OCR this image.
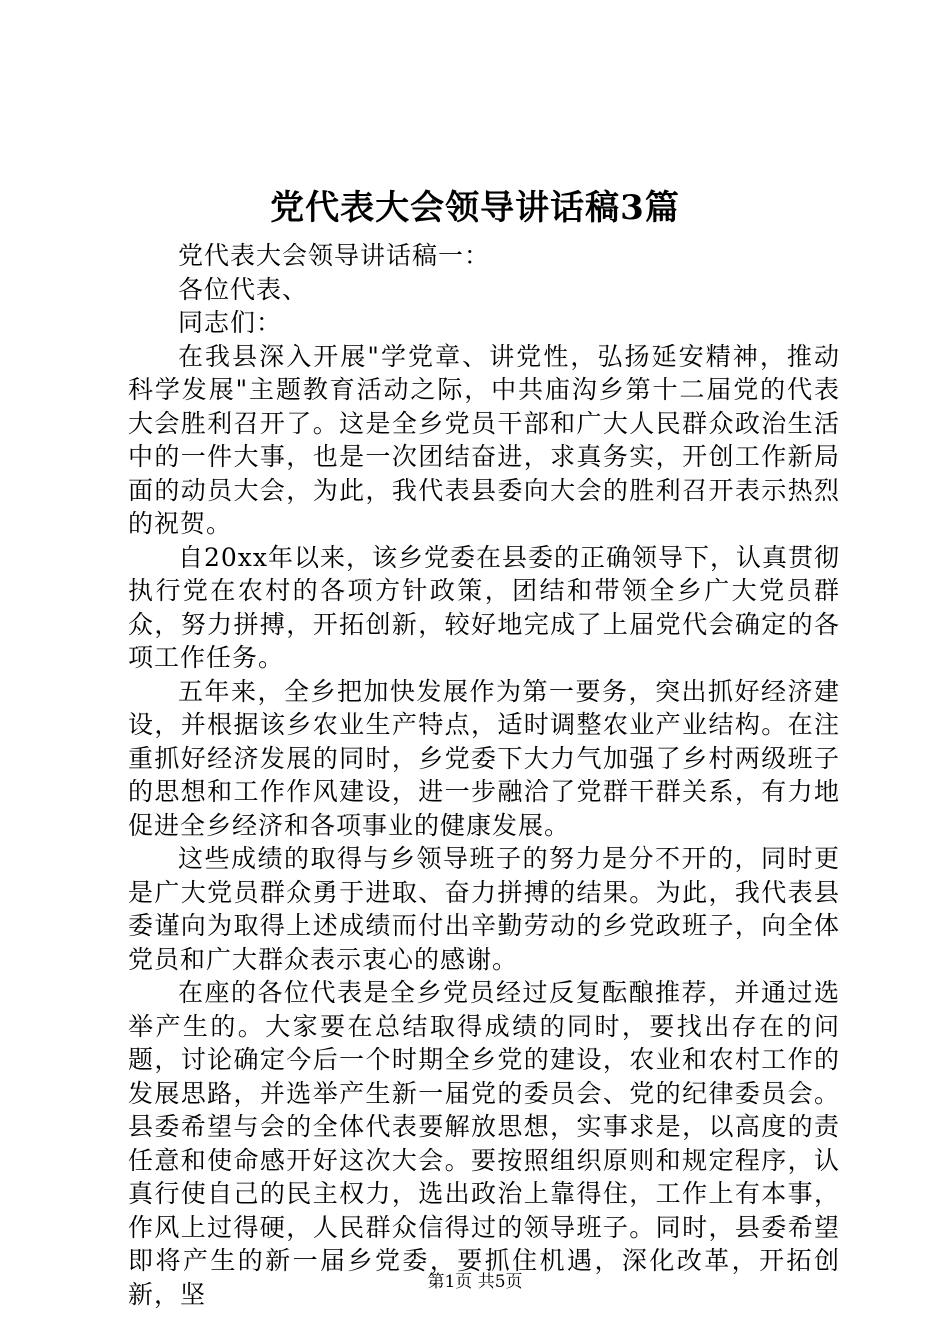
党代表大会领导讲话稿3篇

党代表大会领导讲话稿一：

各位代表、

同志们：

在我县深入开展"学党章、讲党性，弘扬延安精神，推动科学发展"主题教育活动之际，中共庙沟乡第十二届党的代表大会胜利召开了。这是全乡党员干部和广大人民群众政治生活中的一件大事，也是一次团结奋进，求真务实，开创工作新局面的动员大会，为此，我代表县委向大会的胜利召开表示热烈的祝贺。

自20xx年以来，该乡党委在县委的正确领导下，认真贯彻执行党在农村的各项方针政策，团结和带领全乡广大党员群众，努力拼搏，开拓创新，较好地完成了上届党代会确定的各项工作任务。

五年来，全乡把加快发展作为第一要务，突出抓好经济建设，并根据该乡农业生产特点，适时调整农业产业结构。在注重抓好经济发展的同时，乡党委下大力气加强了乡村两级班子的思想和工作作风建设，进一步融洽了党群干群关系，有力地促进全乡经济和各项事业的健康发展。

这些成绩的取得与乡领导班子的努力是分不开的，同时更是广大党员群众勇于进取、奋力拼搏的结果。为此，我代表县委谨向为取得上述成绩而付出辛勤劳动的乡党政班子，向全体党员和广大群众表示衷心的感谢。

在座的各位代表是全乡党员经过反复酝酿推荐，并通过选举产生的。大家要在总结取得成绩的同时，要找出存在的问题，讨论确定今后一个时期全乡党的建设，农业和农村工作的发展思路，并选举产生新一届党的委员会、党的纪律委员会。县委希望与会的全体代表要解放思想，实事求是，以高度的责任意和使命感开好这次大会。要按照组织原则和规定程序，认真行使自己的民主权力，选出政治上靠得住，工作上有本事，作风上过得硬，人民群众信得过的领导班子。同时，县委希望即将产生的新一届乡党委，要抓住机遇，深化改革，开拓创新，坚	第1页 共5页
